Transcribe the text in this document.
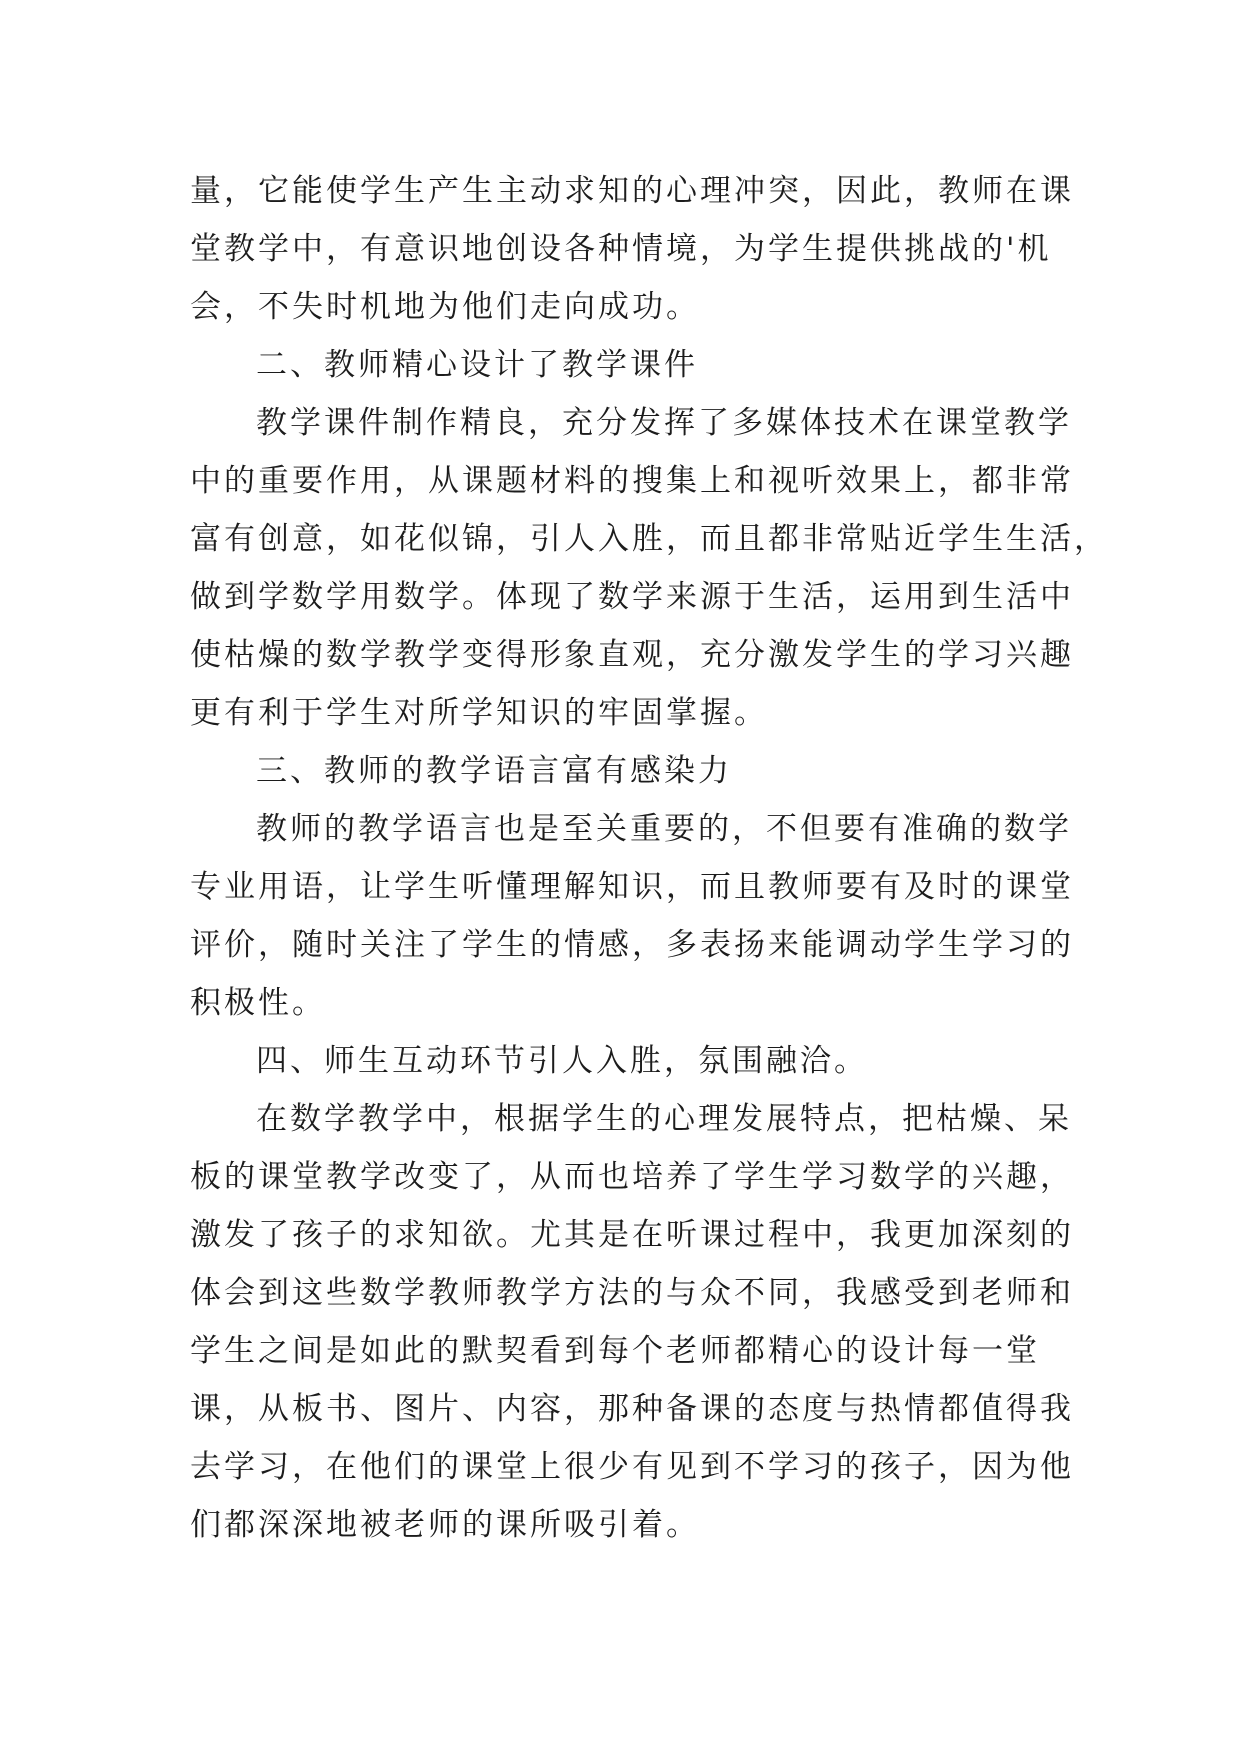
量，它能使学生产生主动求知的心理冲突，因此，教师在课
堂教学中，有意识地创设各种情境，为学生提供挑战的'机
会，不失时机地为他们走向成功。
二、教师精心设计了教学课件
教学课件制作精良，充分发挥了多媒体技术在课堂教学
中的重要作用，从课题材料的搜集上和视听效果上，都非常
富有创意，如花似锦，引人入胜，而且都非常贴近学生生活，
做到学数学用数学。体现了数学来源于生活，运用到生活中
使枯燥的数学教学变得形象直观，充分激发学生的学习兴趣
更有利于学生对所学知识的牢固掌握。
三、教师的教学语言富有感染力
教师的教学语言也是至关重要的，不但要有准确的数学
专业用语，让学生听懂理解知识，而且教师要有及时的课堂
评价，随时关注了学生的情感，多表扬来能调动学生学习的
积极性。
四、师生互动环节引人入胜，氛围融洽。
在数学教学中，根据学生的心理发展特点，把枯燥、呆
板的课堂教学改变了，从而也培养了学生学习数学的兴趣，
激发了孩子的求知欲。尤其是在听课过程中，我更加深刻的
体会到这些数学教师教学方法的与众不同，我感受到老师和
学生之间是如此的默契看到每个老师都精心的设计每一堂
课，从板书、图片、内容，那种备课的态度与热情都值得我
去学习，在他们的课堂上很少有见到不学习的孩子，因为他
们都深深地被老师的课所吸引着。
